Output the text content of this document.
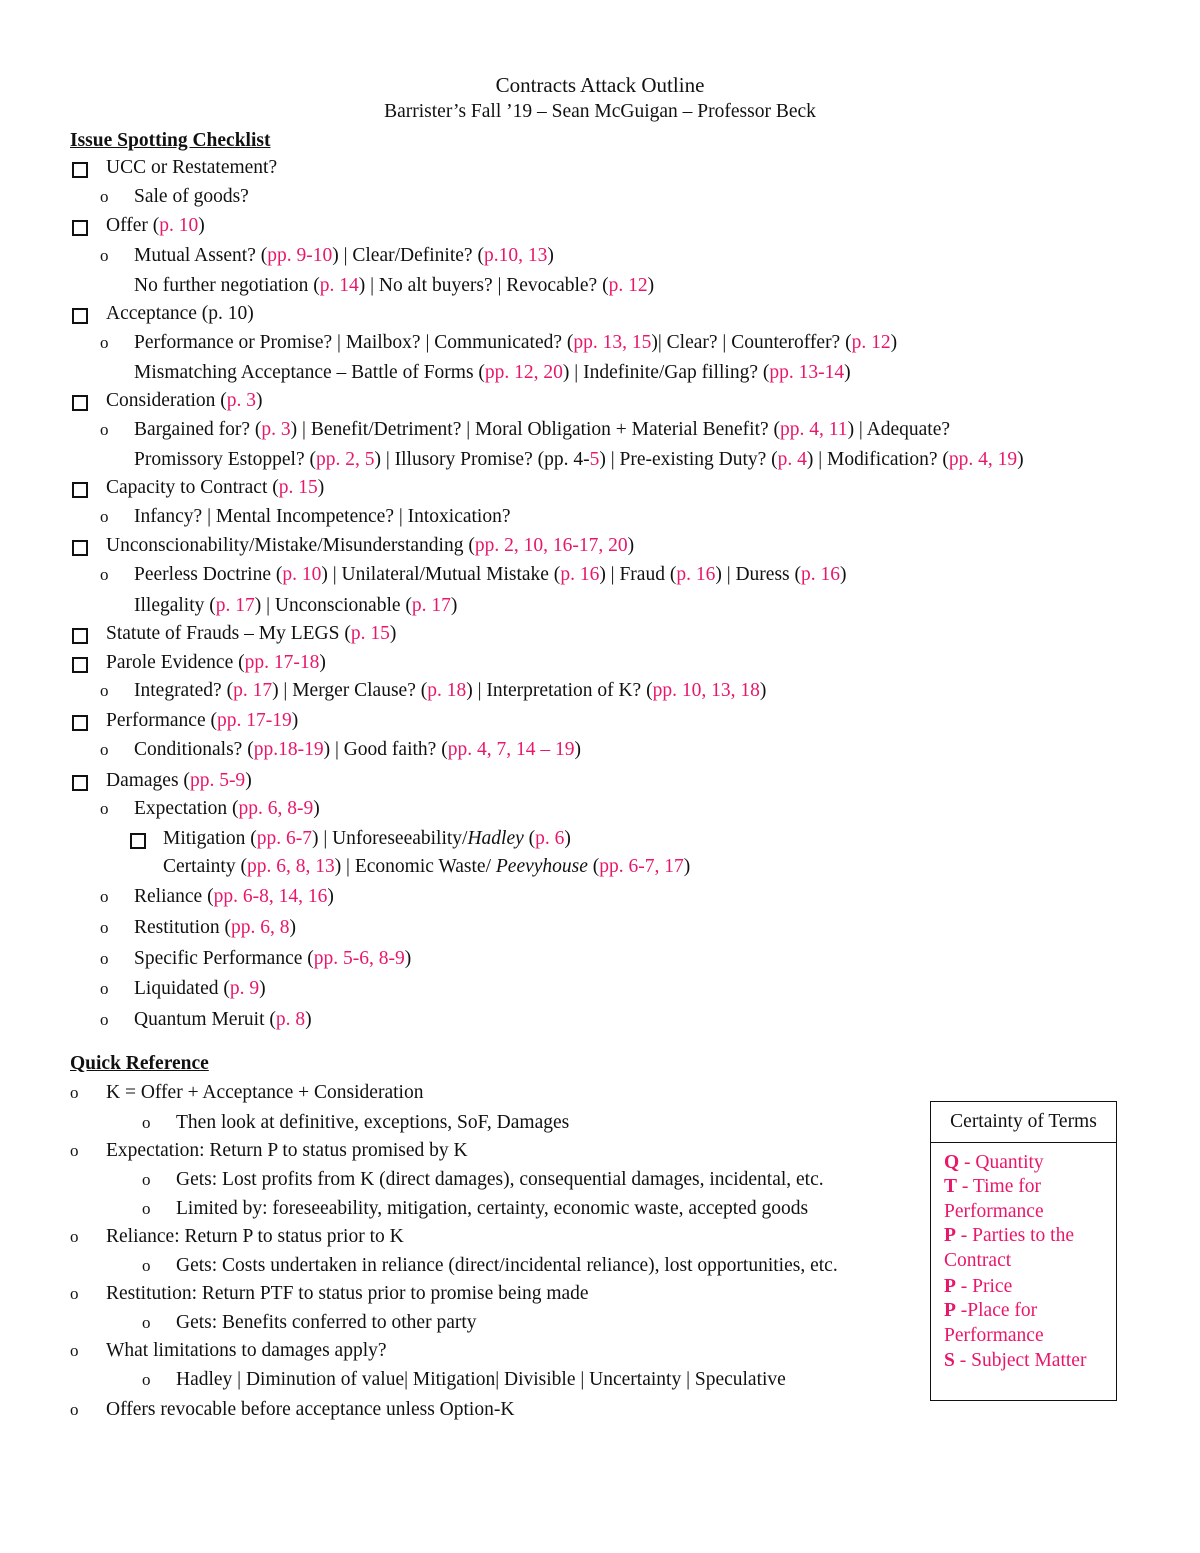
Contracts Attack Outline
Barrister’s Fall ’19 – Sean McGuigan – Professor Beck
Issue Spotting Checklist
UCC or Restatement?
o Sale of goods?
Offer (p. 10)
o Mutual Assent? (pp. 9-10) | Clear/Definite? (p.10, 13)
No further negotiation (p. 14) | No alt buyers? | Revocable? (p. 12)
Acceptance (p. 10)
o Performance or Promise? | Mailbox? | Communicated? (pp. 13, 15)| Clear? | Counteroffer? (p. 12)
Mismatching Acceptance – Battle of Forms (pp. 12, 20) | Indefinite/Gap filling? (pp. 13-14)
Consideration (p. 3)
o Bargained for? (p. 3) | Benefit/Detriment? | Moral Obligation + Material Benefit? (pp. 4, 11) | Adequate?
Promissory Estoppel? (pp. 2, 5) | Illusory Promise? (pp. 4-5) | Pre-existing Duty? (p. 4) | Modification? (pp. 4, 19)
Capacity to Contract (p. 15)
o Infancy? | Mental Incompetence? | Intoxication?
Unconscionability/Mistake/Misunderstanding (pp. 2, 10, 16-17, 20)
o Peerless Doctrine (p. 10) | Unilateral/Mutual Mistake (p. 16) | Fraud (p. 16) | Duress (p. 16)
Illegality (p. 17) | Unconscionable (p. 17)
Statute of Frauds – My LEGS (p. 15)
Parole Evidence (pp. 17-18)
o Integrated? (p. 17) | Merger Clause? (p. 18) | Interpretation of K? (pp. 10, 13, 18)
Performance (pp. 17-19)
o Conditionals? (pp.18-19) | Good faith? (pp. 4, 7, 14 – 19)
Damages (pp. 5-9)
o Expectation (pp. 6, 8-9)
Mitigation (pp. 6-7) | Unforeseeability/Hadley (p. 6)
Certainty (pp. 6, 8, 13) | Economic Waste/ Peevyhouse (pp. 6-7, 17)
o Reliance (pp. 6-8, 14, 16)
o Restitution (pp. 6, 8)
o Specific Performance (pp. 5-6, 8-9)
o Liquidated (p. 9)
o Quantum Meruit (p. 8)
Quick Reference
o K = Offer + Acceptance + Consideration
o Then look at definitive, exceptions, SoF, Damages
o Expectation: Return P to status promised by K
o Gets: Lost profits from K (direct damages), consequential damages, incidental, etc.
o Limited by: foreseeability, mitigation, certainty, economic waste, accepted goods
o Reliance: Return P to status prior to K
o Gets: Costs undertaken in reliance (direct/incidental reliance), lost opportunities, etc.
o Restitution: Return PTF to status prior to promise being made
o Gets: Benefits conferred to other party
o What limitations to damages apply?
o Hadley | Diminution of value| Mitigation| Divisible | Uncertainty | Speculative
o Offers revocable before acceptance unless Option-K
Certainty of Terms
Q - Quantity
T - Time for Performance
P - Parties to the Contract
P - Price
P -Place for Performance
S - Subject Matter
